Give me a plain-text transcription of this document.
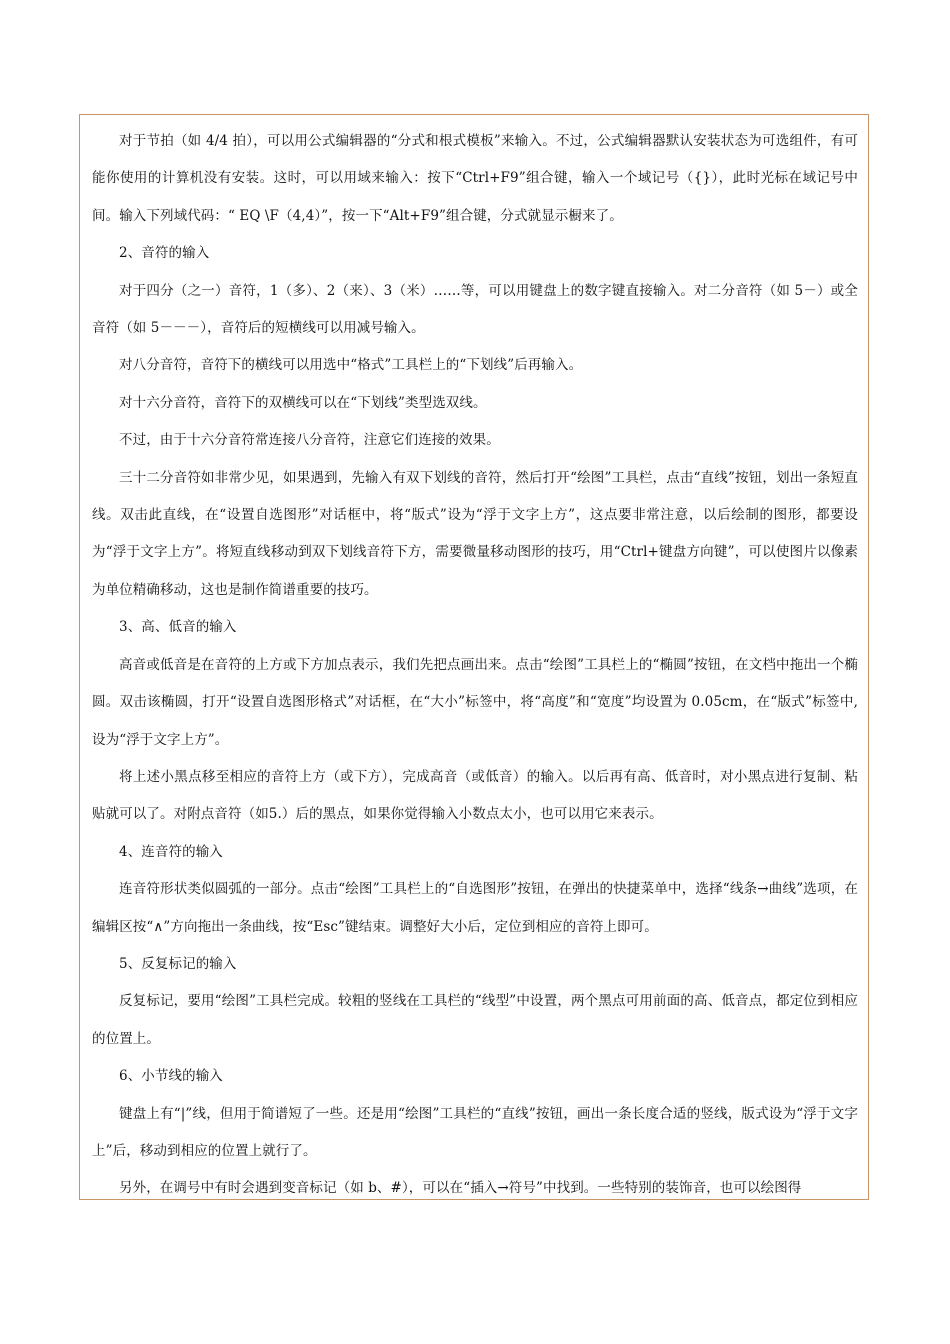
对于节拍（如 4/4 拍），可以用公式编辑器的“分式和根式模板”来输入。不过，公式编辑器默认安装状态为可选组件，有可能你使用的计算机没有安装。这时，可以用域来输入：按下“Ctrl+F9”组合键，输入一个域记号（{}），此时光标在域记号中间。输入下列域代码：“ EQ \F（4,4）”，按一下“Alt+F9”组合键，分式就显示橱来了。

2、音符的输入

对于四分（之一）音符，1（多）、2（来）、3（米）……等，可以用键盘上的数字键直接输入。对二分音符（如 5－）或全音符（如 5－－－），音符后的短横线可以用减号输入。

对八分音符，音符下的横线可以用选中“格式”工具栏上的“下划线”后再输入。

对十六分音符，音符下的双横线可以在“下划线”类型选双线。

不过，由于十六分音符常连接八分音符，注意它们连接的效果。

三十二分音符如非常少见，如果遇到，先输入有双下划线的音符，然后打开“绘图”工具栏，点击“直线”按钮，划出一条短直线。双击此直线，在“设置自选图形”对话框中，将“版式”设为“浮于文字上方”，这点要非常注意，以后绘制的图形，都要设为“浮于文字上方”。将短直线移动到双下划线音符下方，需要微量移动图形的技巧，用“Ctrl+键盘方向键”，可以使图片以像素为单位精确移动，这也是制作简谱重要的技巧。

3、高、低音的输入

高音或低音是在音符的上方或下方加点表示，我们先把点画出来。点击“绘图”工具栏上的“椭圆”按钮，在文档中拖出一个椭圆。双击该椭圆，打开“设置自选图形格式”对话框，在“大小”标签中，将“高度”和“宽度”均设置为 0.05cm，在“版式”标签中,设为“浮于文字上方”。

将上述小黑点移至相应的音符上方（或下方），完成高音（或低音）的输入。以后再有高、低音时，对小黑点进行复制、粘贴就可以了。对附点音符（如5.）后的黑点，如果你觉得输入小数点太小，也可以用它来表示。

4、连音符的输入

连音符形状类似圆弧的一部分。点击“绘图”工具栏上的“自选图形”按钮，在弹出的快捷菜单中，选择“线条→曲线”选项，在编辑区按“∧”方向拖出一条曲线，按“Esc”键结束。调整好大小后，定位到相应的音符上即可。

5、反复标记的输入

反复标记，要用“绘图”工具栏完成。较粗的竖线在工具栏的“线型”中设置，两个黑点可用前面的高、低音点，都定位到相应的位置上。

6、小节线的输入

键盘上有“|”线，但用于简谱短了一些。还是用“绘图”工具栏的“直线”按钮，画出一条长度合适的竖线，版式设为“浮于文字上”后，移动到相应的位置上就行了。

另外，在调号中有时会遇到变音标记（如 b、#），可以在“插入→符号”中找到。一些特别的装饰音，也可以绘图得
